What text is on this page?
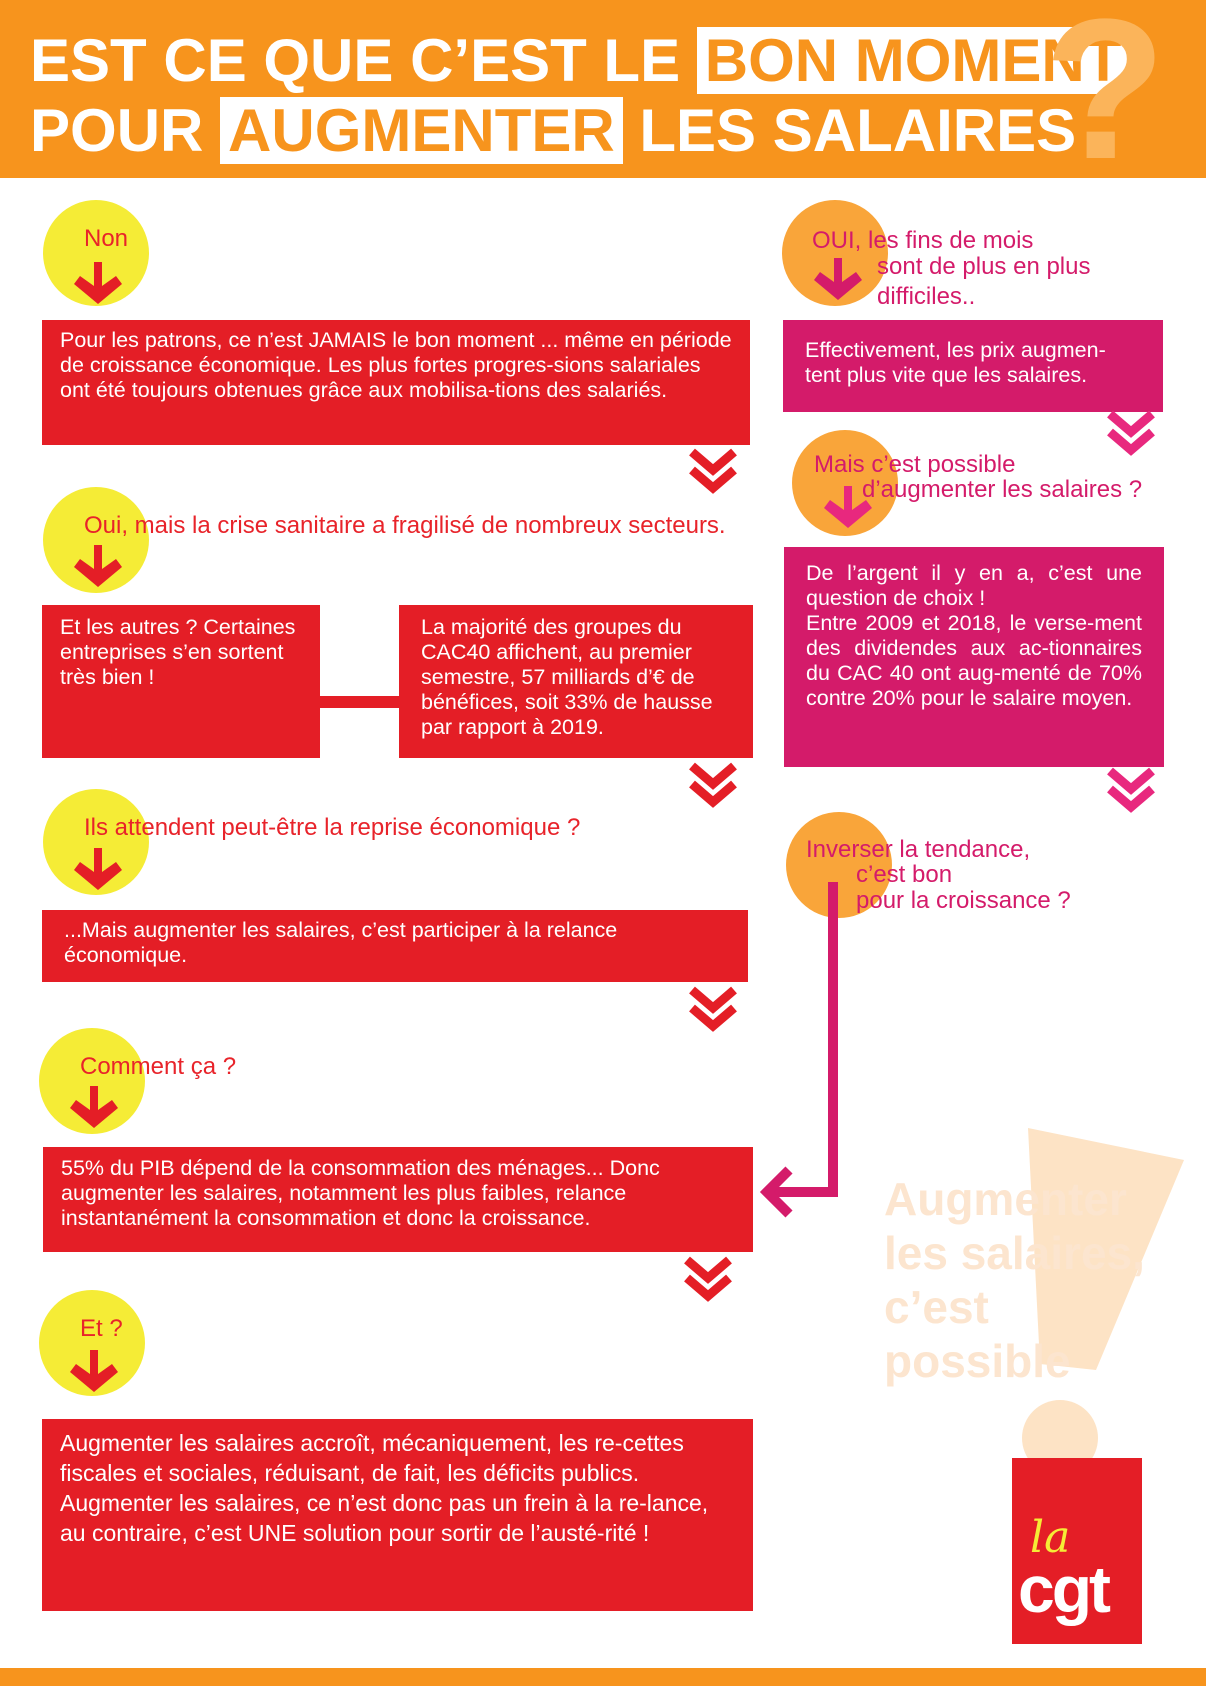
EST CE QUE C’EST LE BON MOMENT
POUR AUGMENTER LES SALAIRES
?
Non

Pour les patrons, ce n’est JAMAIS le bon moment ... même en période de croissance économique. Les plus fortes progres-sions salariales ont été toujours obtenues grâce aux mobilisa-tions des salariés.

Oui, mais la crise sanitaire a fragilisé de nombreux secteurs.

Et les autres ? Certaines entreprises s’en sortent très bien !

La majorité des groupes du CAC40 affichent, au premier semestre, 57 milliards d’€ de bénéfices, soit 33% de hausse par rapport à 2019.

Ils attendent peut-être la reprise économique ?

...Mais augmenter les salaires, c’est participer à la relance économique.

Comment ça ?

55% du PIB dépend de la consommation des ménages... Donc augmenter les salaires, notamment les plus faibles, relance instantanément la consommation et donc la croissance.

Et ?

Augmenter les salaires accroît, mécaniquement, les re-cettes fiscales et sociales, réduisant, de fait, les déficits publics.

Augmenter les salaires, ce n’est donc pas un frein à la re-lance, au contraire, c’est UNE solution pour sortir de l’austé-rité !

OUI, les fins de mois
sont de plus en plus
difficiles..

Effectivement, les prix augmen-tent plus vite que les salaires.

Mais c’est possible
d’augmenter les salaires ?

De l’argent il y en a, c’est une question de choix !

Entre 2009 et 2018, le verse-ment des dividendes aux ac-tionnaires du CAC 40 ont aug-menté de 70% contre 20% pour le salaire moyen.

Inverser la tendance,
c’est bon
pour la croissance ?
Augmenter
les salaires,
c’est
possible
la
cgt
